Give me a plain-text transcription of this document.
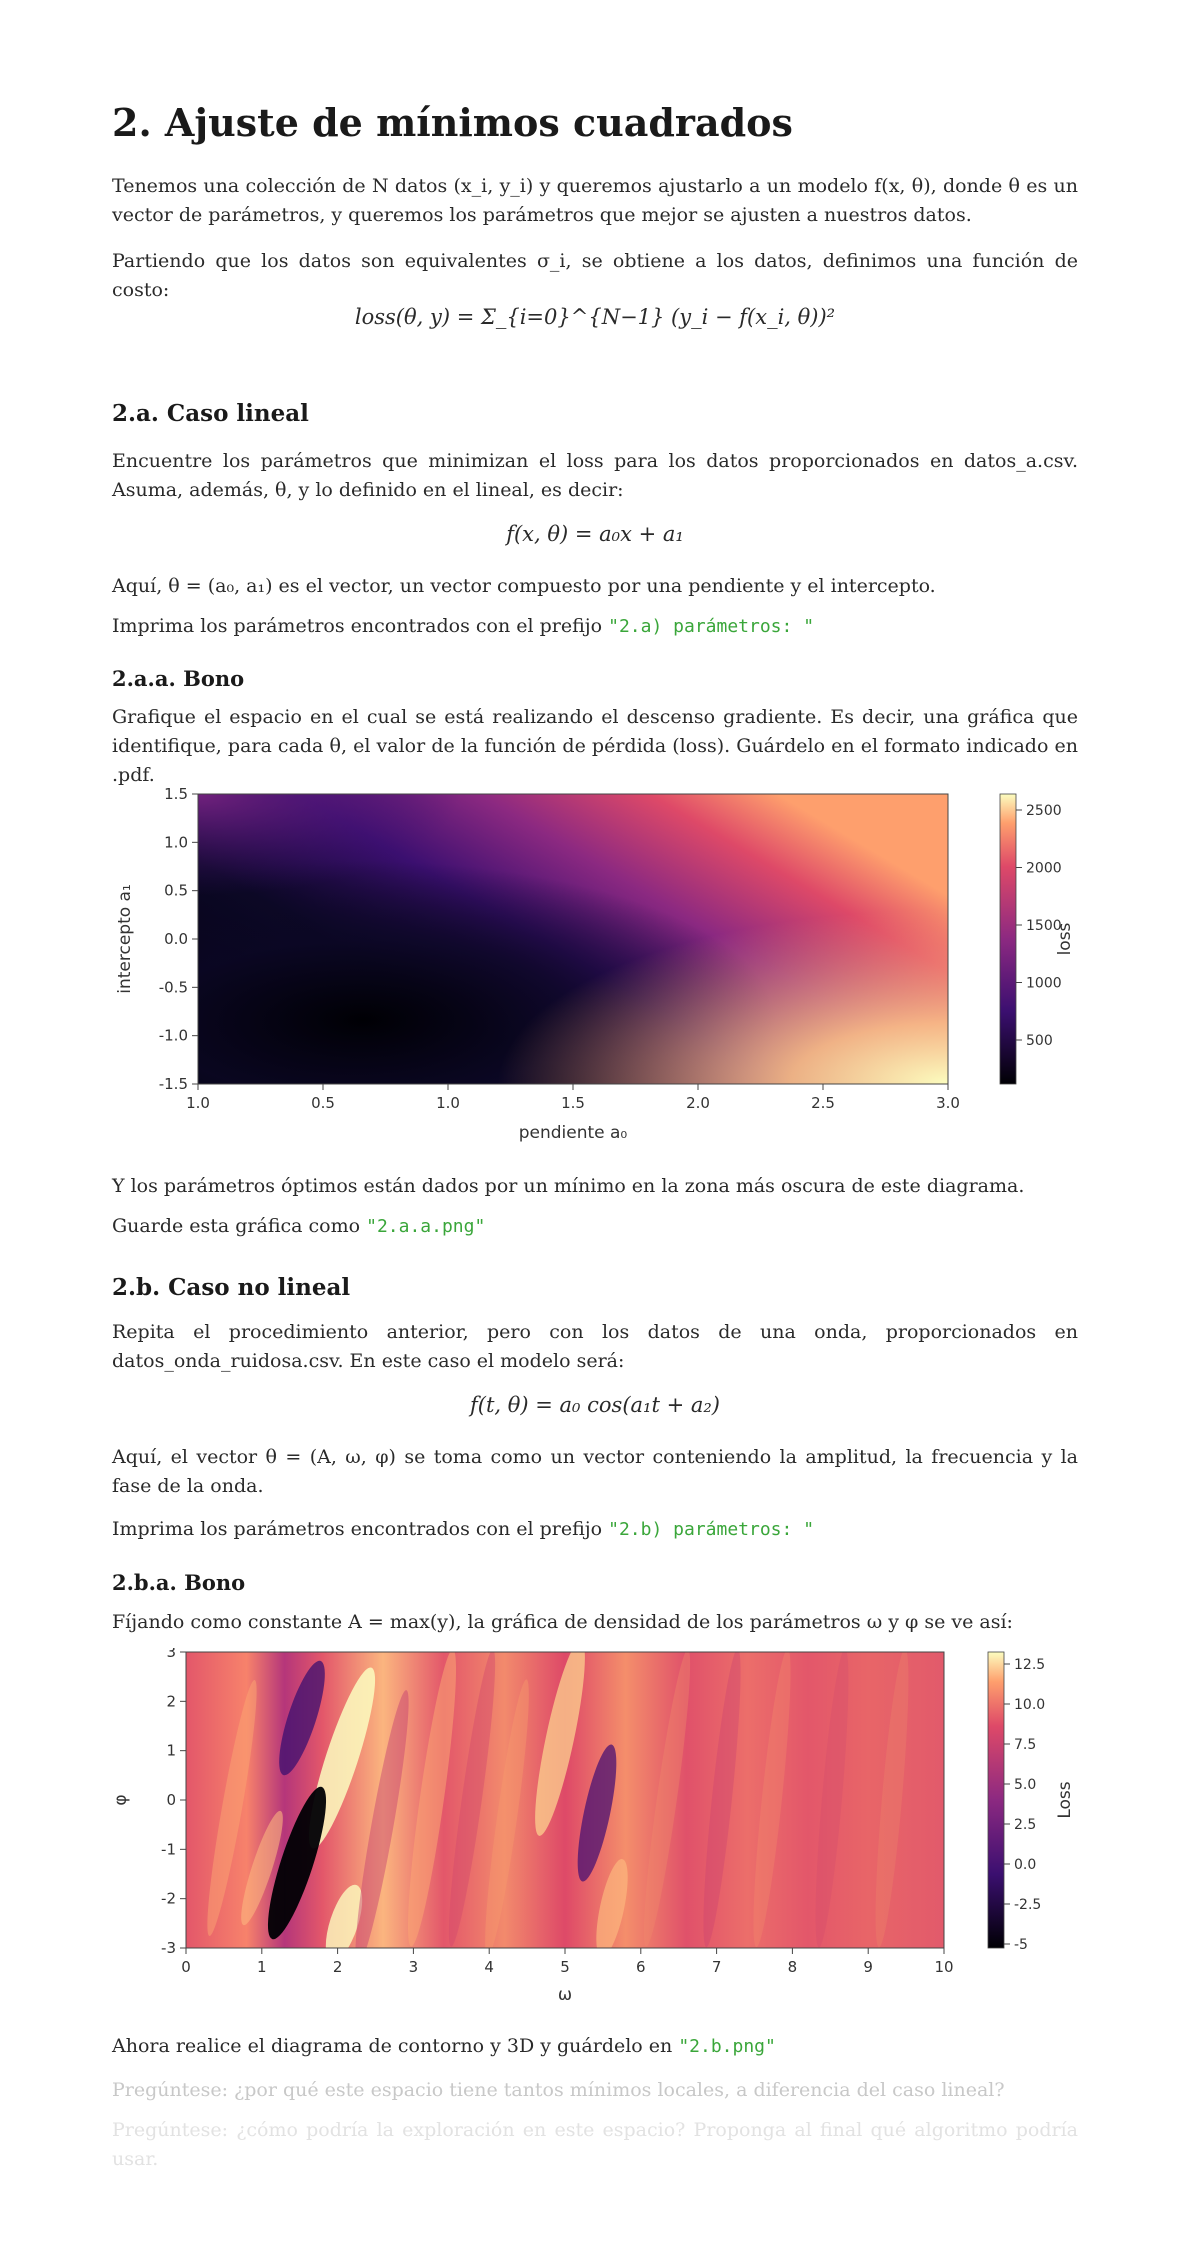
2. Ajuste de mínimos cuadrados

Tenemos una colección de N datos (x_i, y_i) y queremos ajustarlo a un modelo f(x, θ), donde θ es un vector de parámetros, y queremos los parámetros que mejor se ajusten a nuestros datos.

Partiendo que los datos son equivalentes σ_i, se obtiene a los datos, definimos una función de costo:

loss(θ, y) = Σ_{i=0}^{N−1} (y_i − f(x_i, θ))²
2.a. Caso lineal

Encuentre los parámetros que minimizan el loss para los datos proporcionados en datos_a.csv. Asuma, además, θ, y lo definido en el lineal, es decir:

f(x, θ) = a₀x + a₁

Aquí, θ = (a₀, a₁) es el vector, un vector compuesto por una pendiente y el intercepto.

Imprima los parámetros encontrados con el prefijo "2.a) parámetros: "

2.a.a. Bono

Grafique el espacio en el cual se está realizando el descenso gradiente. Es decir, una gráfica que identifique, para cada θ, el valor de la función de pérdida (loss). Guárdelo en el formato indicado en .pdf.

1.0	0.5	1.0	1.5	2.0	2.5	3.0
1.5
1.0
0.5
0.0
-0.5
-1.0
-1.5
pendiente a₀
intercepto a₁
2500
2000
1500
1000
500
loss

Y los parámetros óptimos están dados por un mínimo en la zona más oscura de este diagrama.

Guarde esta gráfica como "2.a.a.png"

2.b. Caso no lineal

Repita el procedimiento anterior, pero con los datos de una onda, proporcionados en datos_onda_ruidosa.csv. En este caso el modelo será:

f(t, θ) = a₀ cos(a₁t + a₂)

Aquí, el vector θ = (A, ω, φ) se toma como un vector conteniendo la amplitud, la frecuencia y la fase de la onda.

Imprima los parámetros encontrados con el prefijo "2.b) parámetros: "

2.b.a. Bono

Fíjando como constante A = max(y), la gráfica de densidad de los parámetros ω y φ se ve así:

0	1	2	3	4	5	6	7	8	9	10
3
2
1
0
-1
-2
-3
ω
φ
12.5
10.0
7.5
5.0
2.5
0.0
-2.5
-5
Loss

Ahora realice el diagrama de contorno y 3D y guárdelo en "2.b.png"

Pregúntese: ¿por qué este espacio tiene tantos mínimos locales, a diferencia del caso lineal?

Pregúntese: ¿cómo podría la exploración en este espacio? Proponga al final qué algoritmo podría usar.
